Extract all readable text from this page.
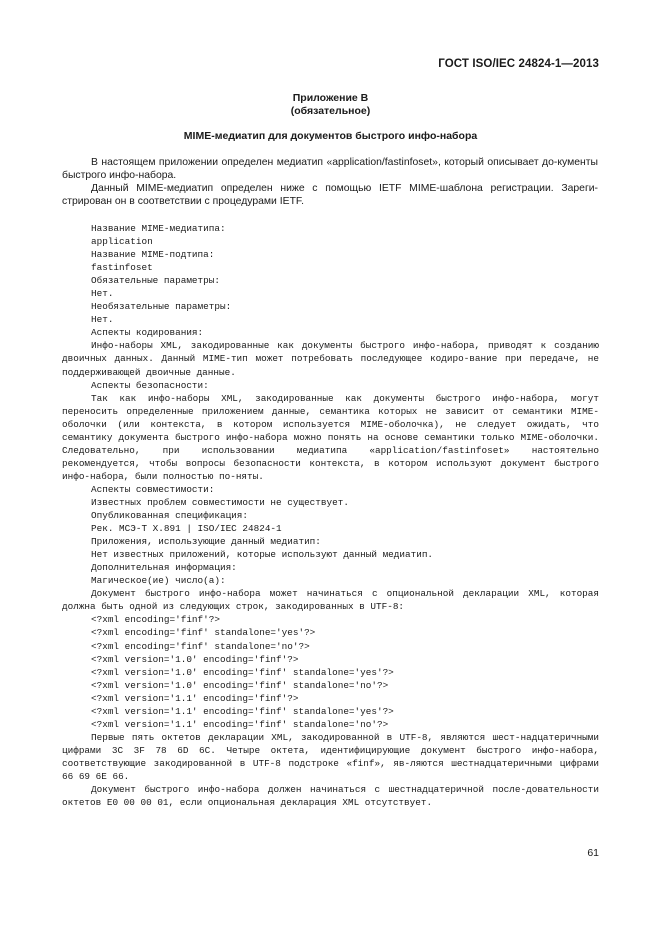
ГОСТ ISO/IEC 24824-1—2013
Приложение В
(обязательное)
MIME-медиатип для документов быстрого инфо-набора

В настоящем приложении определен медиатип «application/fastinfoset», который описывает до-кументы быстрого инфо-набора.

Данный MIME-медиатип определен ниже с помощью IETF MIME-шаблона регистрации. Зареги-стрирован он в соответствии с процедурами IETF.

Название MIME-медиатипа:
application
Название MIME-подтипа:
fastinfoset
Обязательные параметры:
Нет.
Необязательные параметры:
Нет.
Аспекты кодирования:
Инфо-наборы XML, закодированные как документы быстрого инфо-набора, приводят к созданию двоичных данных. Данный MIME-тип может потребовать последующее кодиро-вание при передаче, не поддерживающей двоичные данные.
Аспекты безопасности:
Так как инфо-наборы XML, закодированные как документы быстрого инфо-набора, могут переносить определенные приложением данные, семантика которых не зависит от семантики MIME-оболочки (или контекста, в котором используется MIME-оболочка), не следует ожидать, что семантику документа быстрого инфо-набора можно понять на основе семантики только MIME-оболочки. Следовательно, при использовании медиатипа «application/fastinfoset» настоятельно рекомендуется, чтобы вопросы безопасности контекста, в котором используют документ быстрого инфо-набора, были полностью по-няты.
Аспекты совместимости:
Известных проблем совместимости не существует.
Опубликованная спецификация:
Рек. МСЭ-Т X.891 | ISO/IEC 24824-1
Приложения, использующие данный медиатип:
Нет известных приложений, которые используют данный медиатип.
Дополнительная информация:
Магическое(ие) число(а):
Документ быстрого инфо-набора может начинаться с опциональной декларации XML, которая должна быть одной из следующих строк, закодированных в UTF-8:
<?xml encoding='finf'?>
<?xml encoding='finf' standalone='yes'?>
<?xml encoding='finf' standalone='no'?>
<?xml version='1.0' encoding='finf'?>
<?xml version='1.0' encoding='finf' standalone='yes'?>
<?xml version='1.0' encoding='finf' standalone='no'?>
<?xml version='1.1' encoding='finf'?>
<?xml version='1.1' encoding='finf' standalone='yes'?>
<?xml version='1.1' encoding='finf' standalone='no'?>
Первые пять октетов декларации XML, закодированной в UTF-8, являются шест-надцатеричными цифрами 3C 3F 78 6D 6C. Четыре октета, идентифицирующие документ быстрого инфо-набора, соответствующие закодированной в UTF-8 подстроке «finf», яв-ляются шестнадцатеричными цифрами 66 69 6E 66.
Документ быстрого инфо-набора должен начинаться с шестнадцатеричной после-довательности октетов E0 00 00 01, если опциональная декларация XML отсутствует.
61
